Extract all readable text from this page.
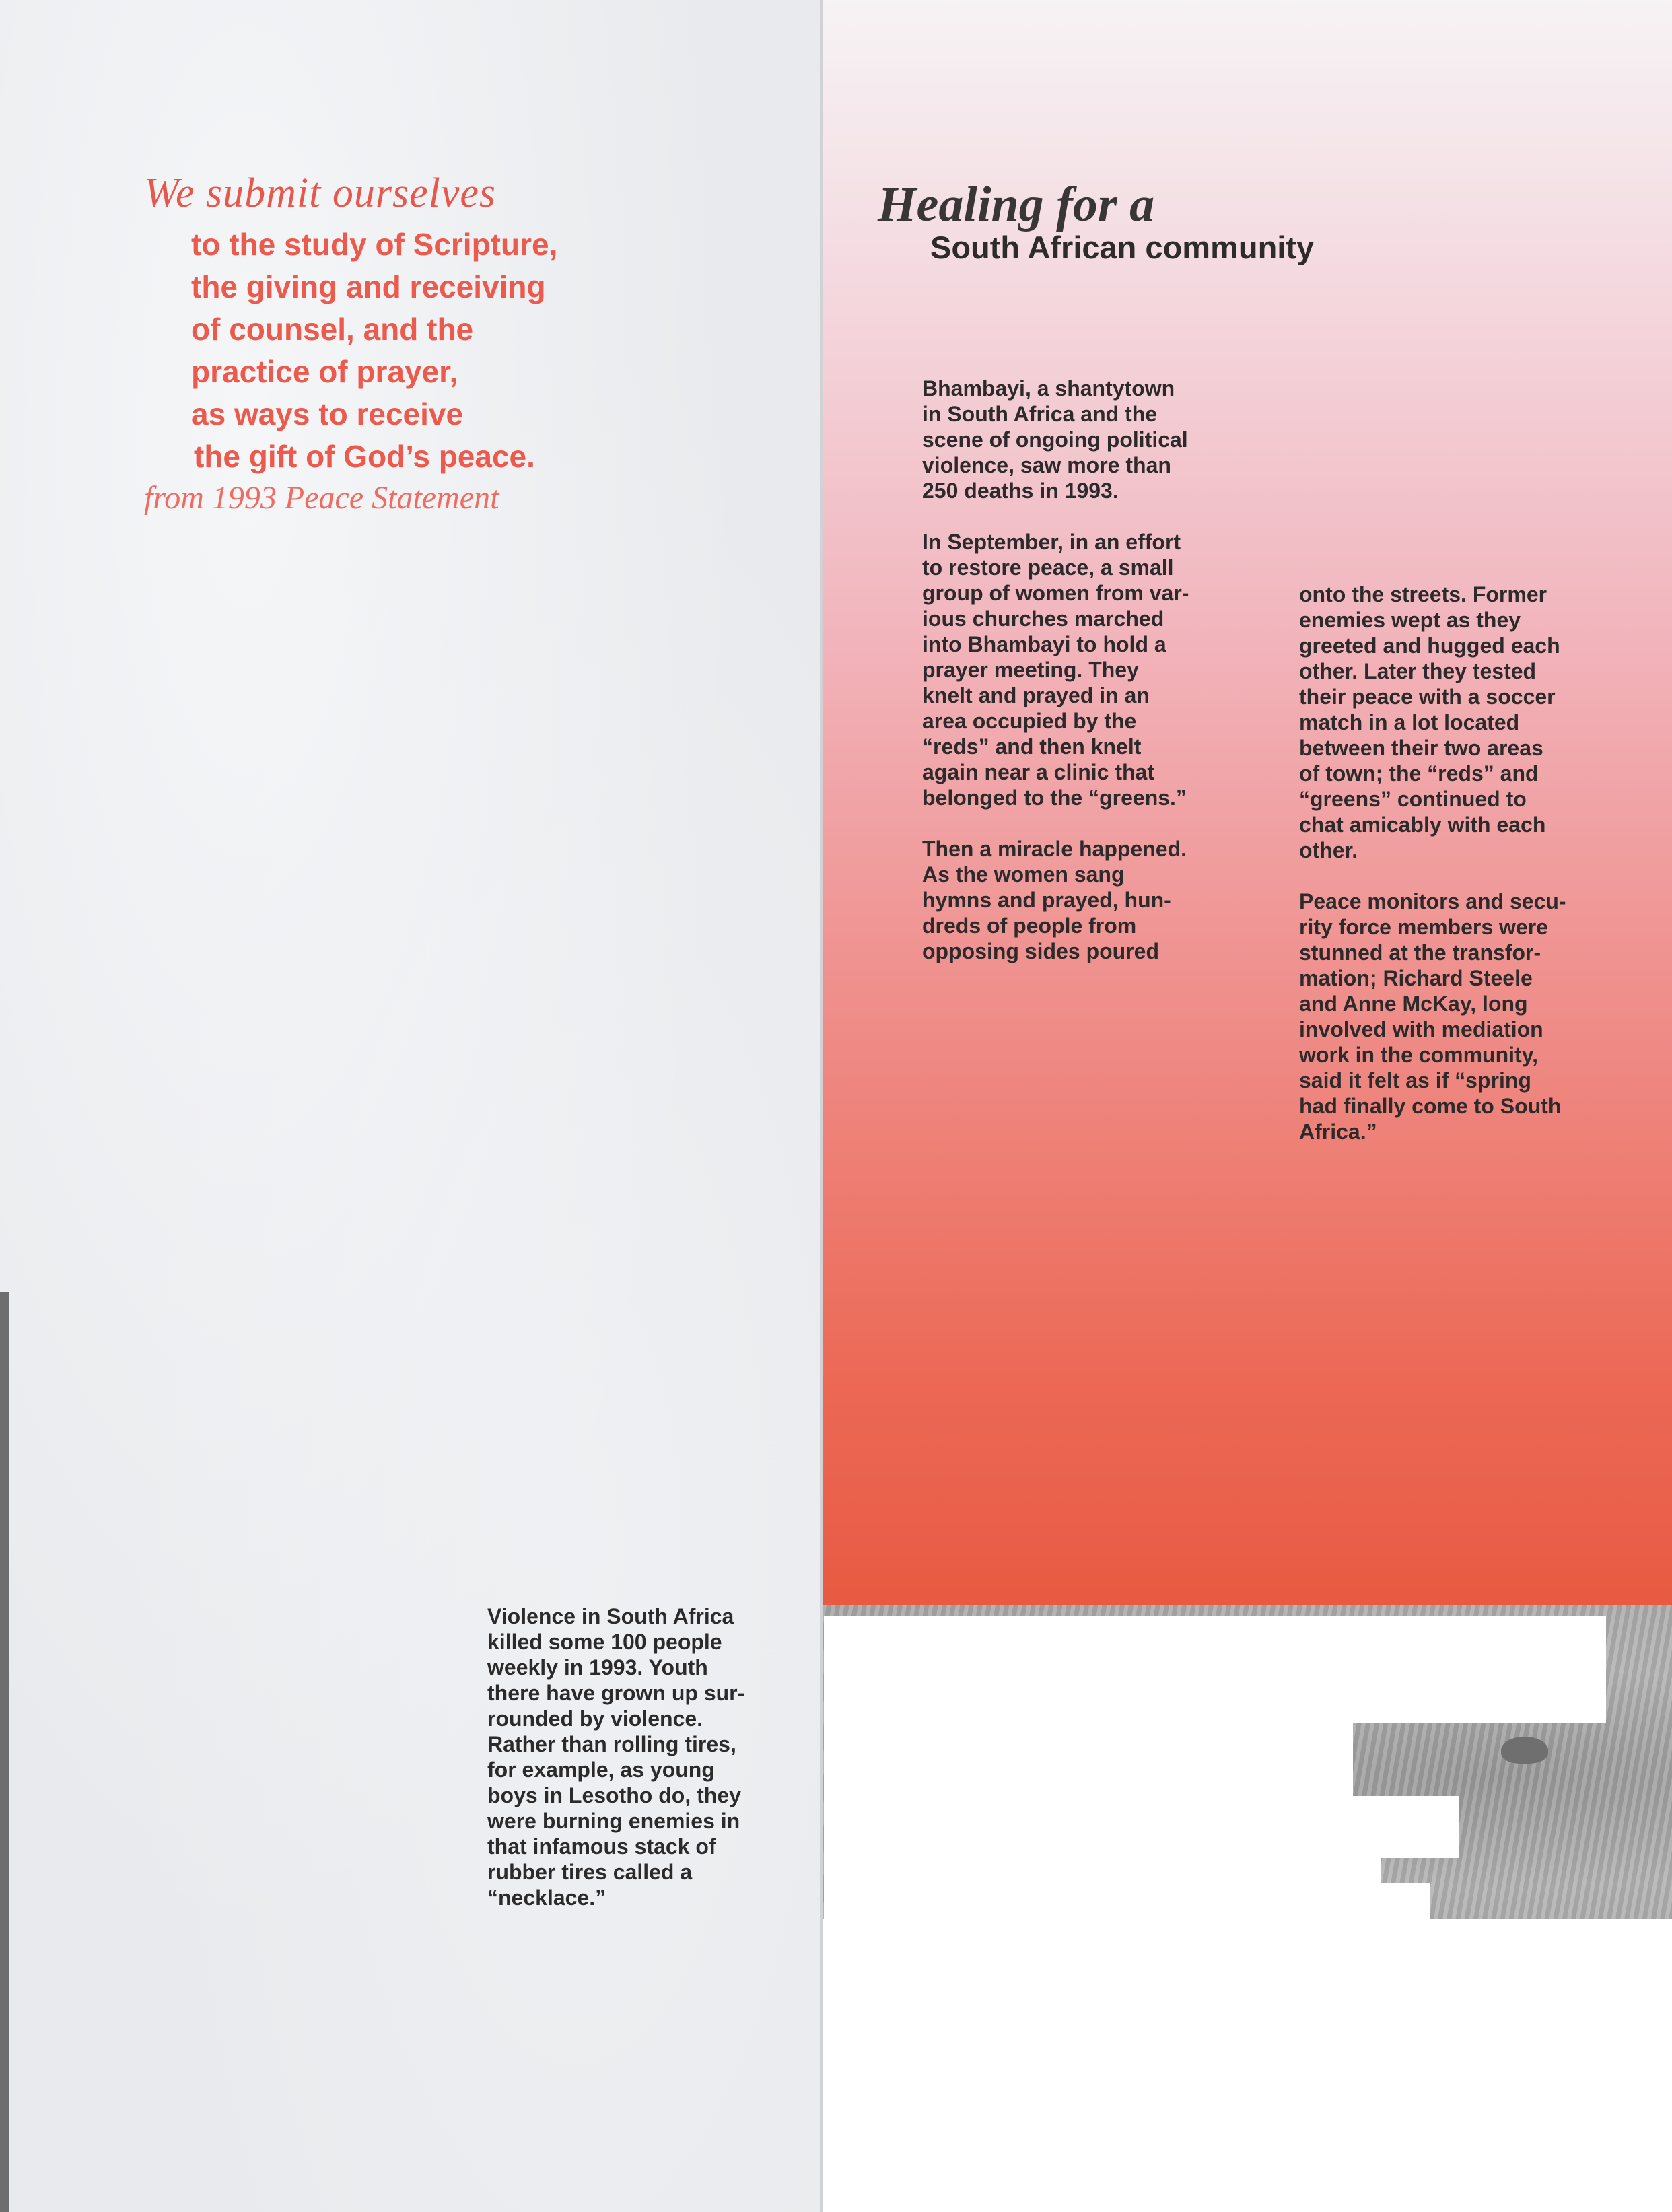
We submit ourselves

to the study of Scripture,
the giving and receiving
of counsel, and the
practice of prayer,
as ways to receive
the gift of God’s peace.

from 1993 Peace Statement

Healing for a
South African community

Bhambayi, a shantytown
in South Africa and the
scene of ongoing political
violence, saw more than
250 deaths in 1993.

In September, in an effort
to restore peace, a small
group of women from var-
ious churches marched
into Bhambayi to hold a
prayer meeting. They
knelt and prayed in an
area occupied by the
“reds” and then knelt
again near a clinic that
belonged to the “greens.”

Then a miracle happened.
As the women sang
hymns and prayed, hun-
dreds of people from
opposing sides poured

onto the streets. Former
enemies wept as they
greeted and hugged each
other. Later they tested
their peace with a soccer
match in a lot located
between their two areas
of town; the “reds” and
“greens” continued to
chat amicably with each
other.

Peace monitors and secu-
rity force members were
stunned at the transfor-
mation; Richard Steele
and Anne McKay, long
involved with mediation
work in the community,
said it felt as if “spring
had finally come to South
Africa.”

Violence in South Africa
killed some 100 people
weekly in 1993. Youth
there have grown up sur-
rounded by violence.
Rather than rolling tires,
for example, as young
boys in Lesotho do, they
were burning enemies in
that infamous stack of
rubber tires called a
“necklace.”
